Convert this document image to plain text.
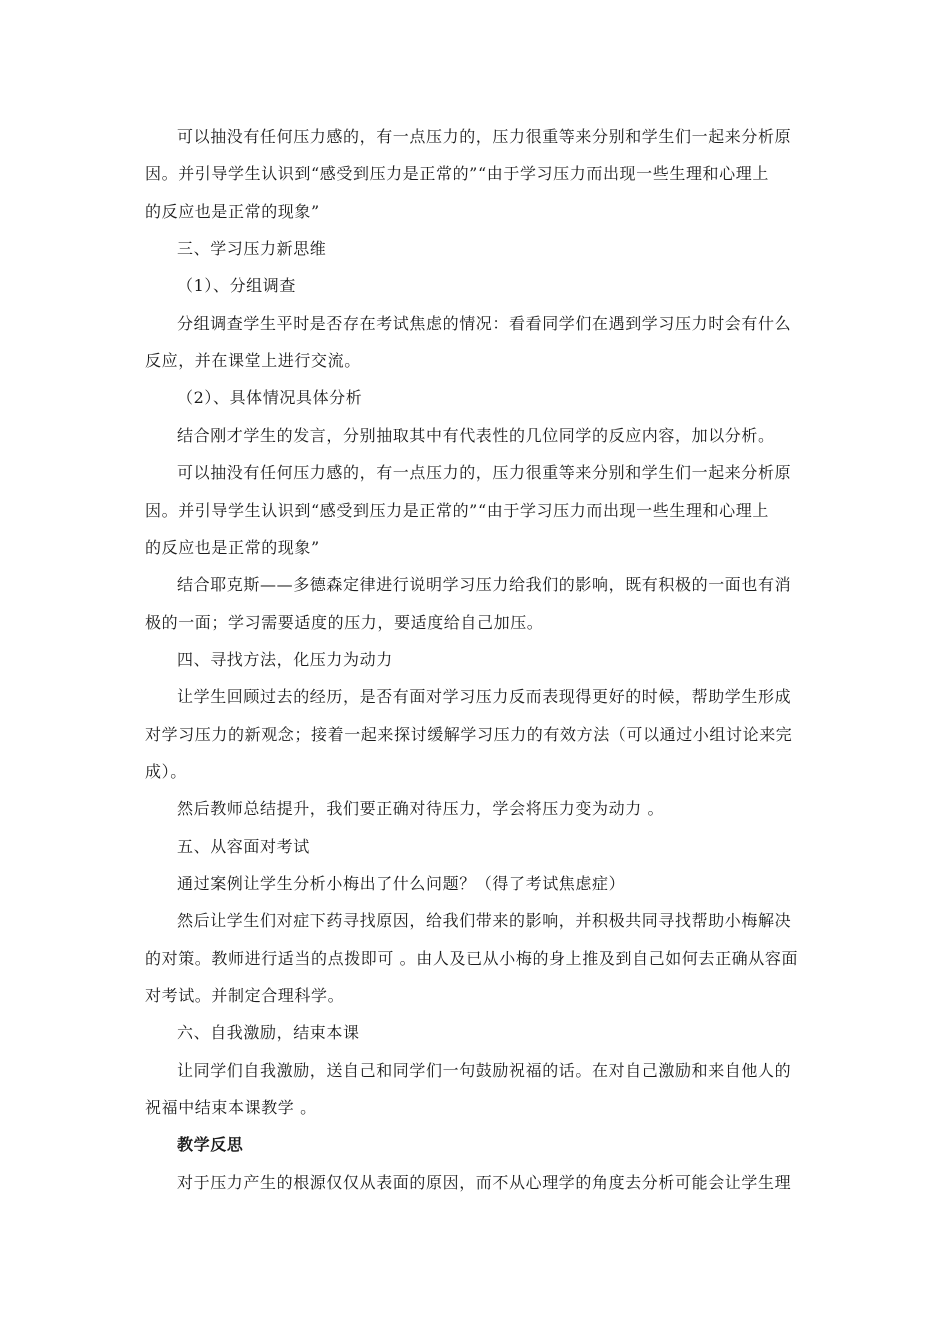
可以抽没有任何压力感的，有一点压力的，压力很重等来分别和学生们一起来分析原
因。并引导学生认识到“感受到压力是正常的”“由于学习压力而出现一些生理和心理上
的反应也是正常的现象”
三、学习压力新思维
（1）、分组调查
分组调查学生平时是否存在考试焦虑的情况：看看同学们在遇到学习压力时会有什么
反应，并在课堂上进行交流。
（2）、具体情况具体分析
结合刚才学生的发言，分别抽取其中有代表性的几位同学的反应内容，加以分析。
可以抽没有任何压力感的，有一点压力的，压力很重等来分别和学生们一起来分析原
因。并引导学生认识到“感受到压力是正常的”“由于学习压力而出现一些生理和心理上
的反应也是正常的现象”
结合耶克斯——多德森定律进行说明学习压力给我们的影响，既有积极的一面也有消
极的一面；学习需要适度的压力，要适度给自己加压。
四、寻找方法，化压力为动力
让学生回顾过去的经历，是否有面对学习压力反而表现得更好的时候，帮助学生形成
对学习压力的新观念；接着一起来探讨缓解学习压力的有效方法（可以通过小组讨论来完
成）。
然后教师总结提升，我们要正确对待压力，学会将压力变为动力 。
五、从容面对考试
通过案例让学生分析小梅出了什么问题？（得了考试焦虑症）
然后让学生们对症下药寻找原因，给我们带来的影响，并积极共同寻找帮助小梅解决
的对策。教师进行适当的点拨即可 。由人及已从小梅的身上推及到自己如何去正确从容面
对考试。并制定合理科学。
六、自我激励，结束本课
让同学们自我激励，送自己和同学们一句鼓励祝福的话。在对自己激励和来自他人的
祝福中结束本课教学 。
教学反思
对于压力产生的根源仅仅从表面的原因，而不从心理学的角度去分析可能会让学生理
